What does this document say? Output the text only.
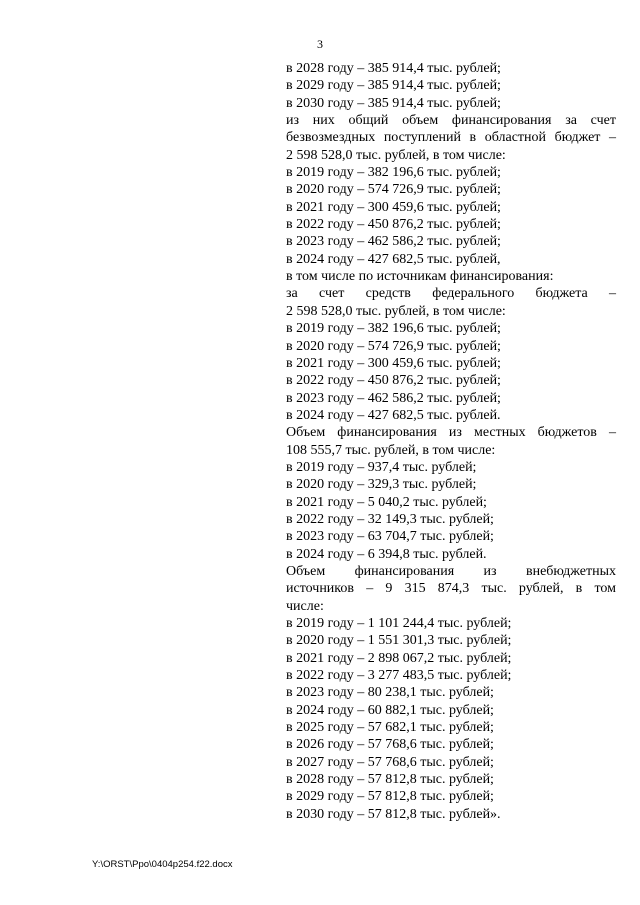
3
в 2028 году – 385 914,4 тыс. рублей;
в 2029 году – 385 914,4 тыс. рублей;
в 2030 году – 385 914,4 тыс. рублей;
из них общий объем финансирования за счет
безвозмездных поступлений в областной бюджет –
2 598 528,0 тыс. рублей, в том числе:
в 2019 году – 382 196,6 тыс. рублей;
в 2020 году – 574 726,9 тыс. рублей;
в 2021 году – 300 459,6 тыс. рублей;
в 2022 году – 450 876,2 тыс. рублей;
в 2023 году – 462 586,2 тыс. рублей;
в 2024 году – 427 682,5 тыс. рублей,
в том числе по источникам финансирования:
за счет средств федерального бюджета –
2 598 528,0 тыс. рублей, в том числе:
в 2019 году – 382 196,6 тыс. рублей;
в 2020 году – 574 726,9 тыс. рублей;
в 2021 году – 300 459,6 тыс. рублей;
в 2022 году – 450 876,2 тыс. рублей;
в 2023 году – 462 586,2 тыс. рублей;
в 2024 году – 427 682,5 тыс. рублей.
Объем финансирования из местных бюджетов –
108 555,7 тыс. рублей, в том числе:
в 2019 году – 937,4 тыс. рублей;
в 2020 году – 329,3 тыс. рублей;
в 2021 году – 5 040,2 тыс. рублей;
в 2022 году – 32 149,3 тыс. рублей;
в 2023 году – 63 704,7 тыс. рублей;
в 2024 году – 6 394,8 тыс. рублей.
Объем финансирования из внебюджетных
источников – 9 315 874,3 тыс. рублей, в том
числе:
в 2019 году – 1 101 244,4 тыс. рублей;
в 2020 году – 1 551 301,3 тыс. рублей;
в 2021 году – 2 898 067,2 тыс. рублей;
в 2022 году – 3 277 483,5 тыс. рублей;
в 2023 году – 80 238,1 тыс. рублей;
в 2024 году – 60 882,1 тыс. рублей;
в 2025 году – 57 682,1 тыс. рублей;
в 2026 году – 57 768,6 тыс. рублей;
в 2027 году – 57 768,6 тыс. рублей;
в 2028 году – 57 812,8 тыс. рублей;
в 2029 году – 57 812,8 тыс. рублей;
в 2030 году – 57 812,8 тыс. рублей».
Y:\ORST\Ppo\0404p254.f22.docx
